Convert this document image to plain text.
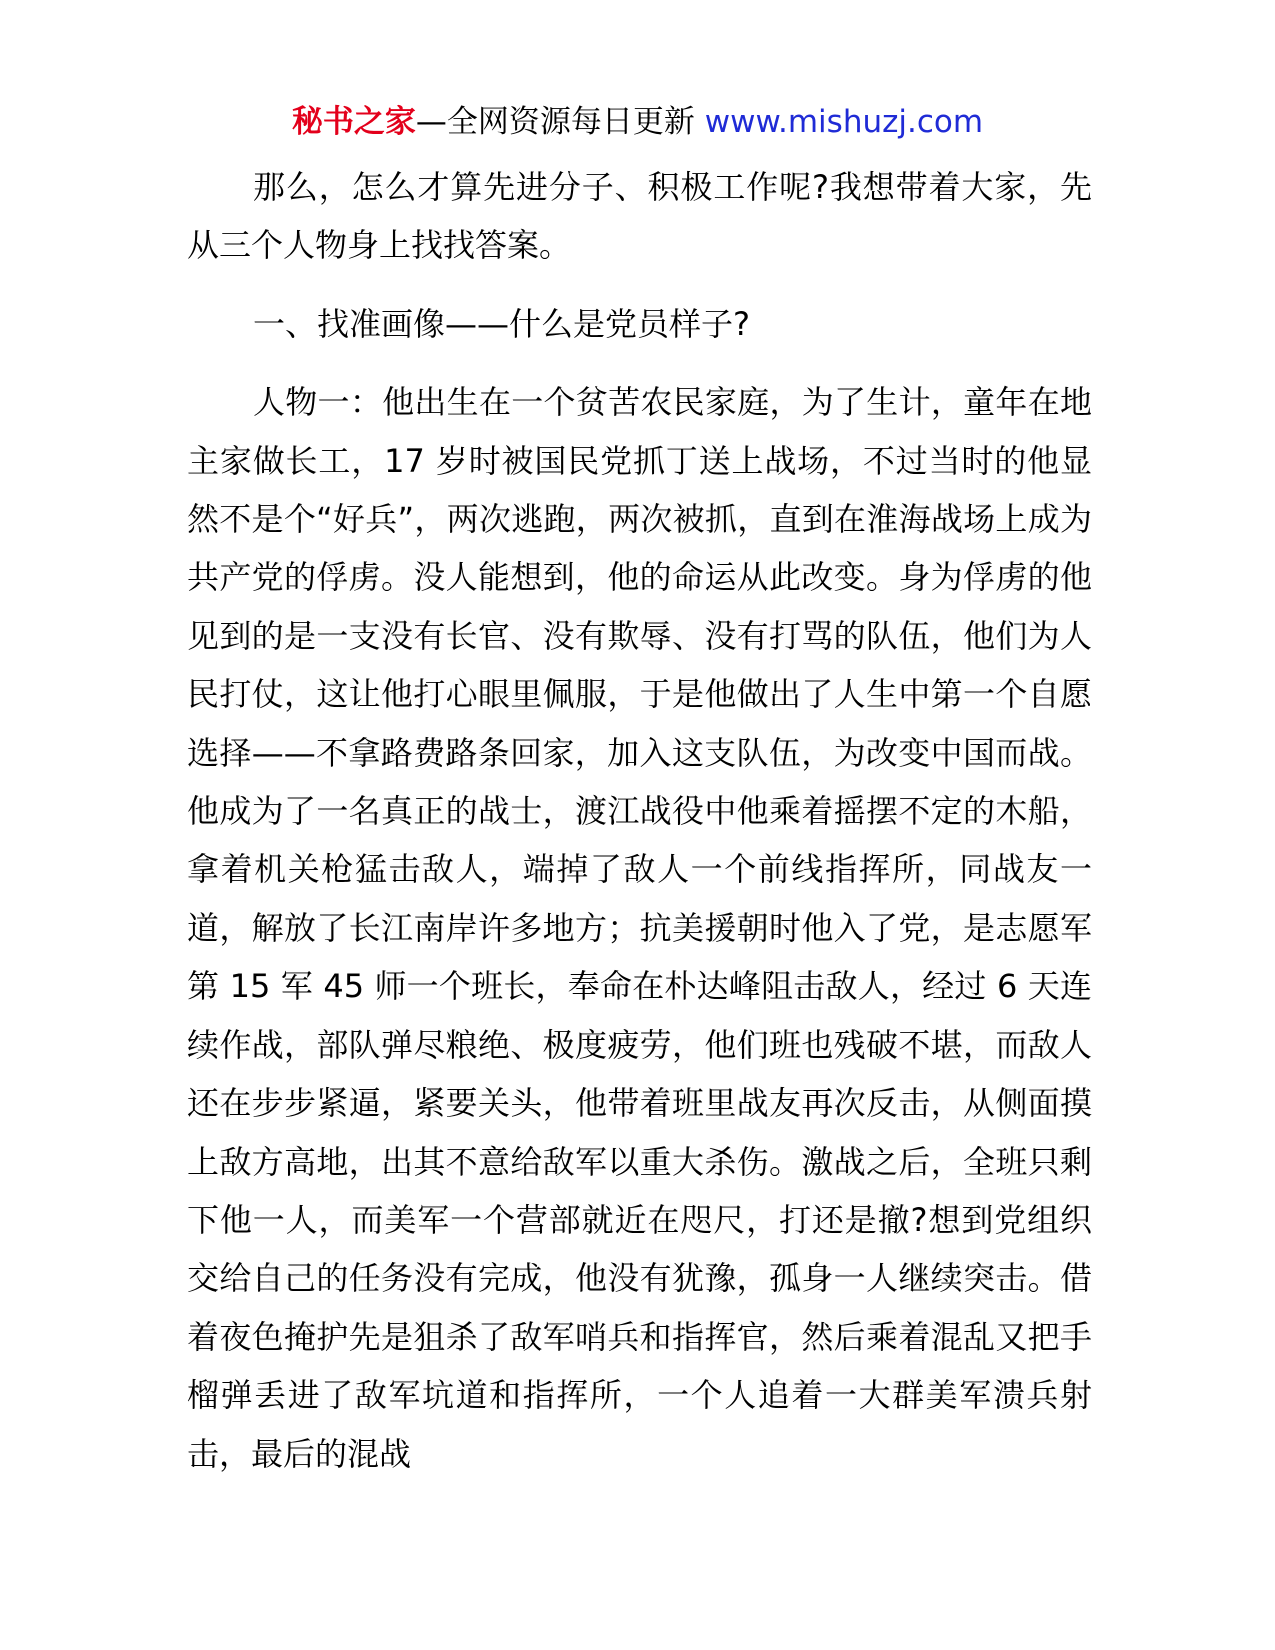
秘书之家—全网资源每日更新 www.mishuzj.com

那么，怎么才算先进分子、积极工作呢?我想带着大家，先从三个人物身上找找答案。

一、找准画像——什么是党员样子?

人物一：他出生在一个贫苦农民家庭，为了生计，童年在地主家做长工，17 岁时被国民党抓丁送上战场，不过当时的他显然不是个“好兵”，两次逃跑，两次被抓，直到在淮海战场上成为共产党的俘虏。没人能想到，他的命运从此改变。身为俘虏的他见到的是一支没有长官、没有欺辱、没有打骂的队伍，他们为人民打仗，这让他打心眼里佩服，于是他做出了人生中第一个自愿选择——不拿路费路条回家，加入这支队伍，为改变中国而战。他成为了一名真正的战士，渡江战役中他乘着摇摆不定的木船，拿着机关枪猛击敌人，端掉了敌人一个前线指挥所，同战友一道，解放了长江南岸许多地方；抗美援朝时他入了党，是志愿军第 15 军 45 师一个班长，奉命在朴达峰阻击敌人，经过 6 天连续作战，部队弹尽粮绝、极度疲劳，他们班也残破不堪，而敌人还在步步紧逼，紧要关头，他带着班里战友再次反击，从侧面摸上敌方高地，出其不意给敌军以重大杀伤。激战之后，全班只剩下他一人，而美军一个营部就近在咫尺，打还是撤?想到党组织交给自己的任务没有完成，他没有犹豫，孤身一人继续突击。借着夜色掩护先是狙杀了敌军哨兵和指挥官，然后乘着混乱又把手榴弹丢进了敌军坑道和指挥所，一个人追着一大群美军溃兵射击，最后的混战
